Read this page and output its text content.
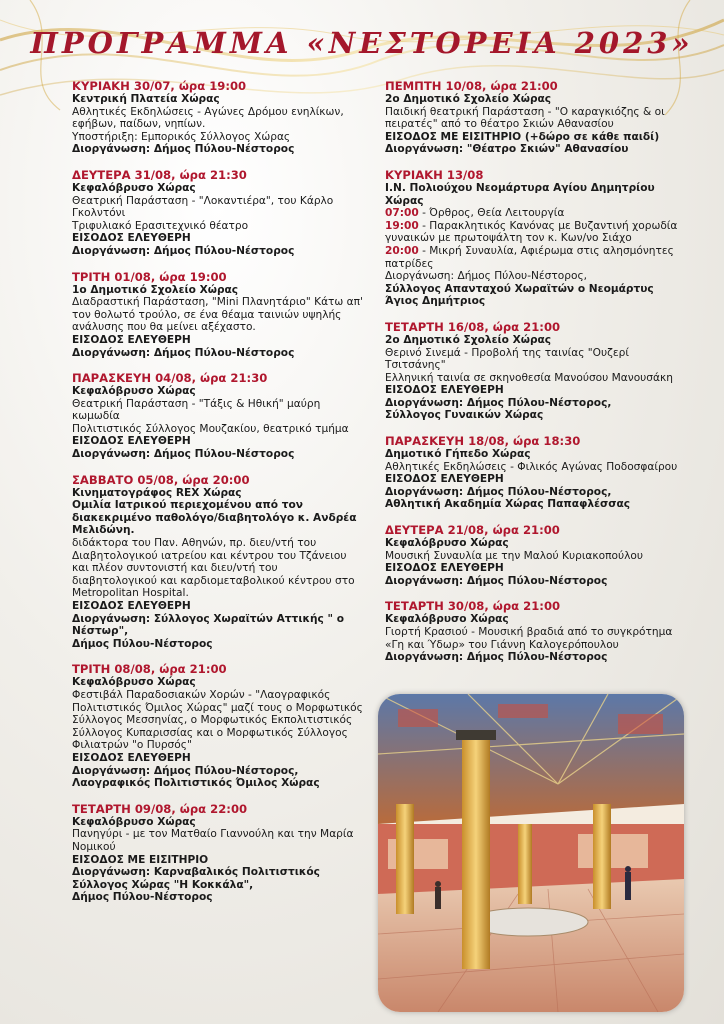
ΠΡΟΓΡΑΜΜΑ «ΝΕΣΤΟΡΕΙΑ 2023»
ΚΥΡΙΑΚΗ 30/07, ώρα 19:00
Κεντρική Πλατεία Χώρας
Αθλητικές Εκδηλώσεις - Αγώνες Δρόμου ενηλίκων, εφήβων, παίδων, νηπίων.
Υποστήριξη: Εμπορικός Σύλλογος Χώρας
Διοργάνωση: Δήμος Πύλου-Νέστορος
ΔΕΥΤΕΡΑ 31/08, ώρα 21:30
Κεφαλόβρυσο Χώρας
Θεατρική Παράσταση - "Λοκαντιέρα", του Κάρλο Γκολντόνι
Τριφυλιακό Ερασιτεχνικό θέατρο
ΕΙΣΟΔΟΣ ΕΛΕΥΘΕΡΗ
Διοργάνωση: Δήμος Πύλου-Νέστορος
ΤΡΙΤΗ 01/08, ώρα 19:00
1ο Δημοτικό Σχολείο Χώρας
Διαδραστική Παράσταση, "Mini Πλανητάριο" Κάτω απ' τον θολωτό τρούλο, σε ένα θέαμα ταινιών υψηλής ανάλυσης που θα μείνει αξέχαστο.
ΕΙΣΟΔΟΣ ΕΛΕΥΘΕΡΗ
Διοργάνωση: Δήμος Πύλου-Νέστορος
ΠΑΡΑΣΚΕΥΗ 04/08, ώρα 21:30
Κεφαλόβρυσο Χώρας
Θεατρική Παράσταση - "Τάξις & Ηθική" μαύρη κωμωδία
Πολιτιστικός Σύλλογος Μουζακίου, θεατρικό τμήμα
ΕΙΣΟΔΟΣ ΕΛΕΥΘΕΡΗ
Διοργάνωση: Δήμος Πύλου-Νέστορος
ΣΑΒΒΑΤΟ 05/08, ώρα 20:00
Κινηματογράφος REX Χώρας
Ομιλία Ιατρικού περιεχομένου από τον διακεκριμένο παθολόγο/διαβητολόγο κ. Ανδρέα Μελιδώνη.
διδάκτορα του Παν. Αθηνών, πρ. διευ/ντή του Διαβητολογικού ιατρείου και κέντρου του Τζάνειου και πλέον συντονιστή και διευ/ντή του διαβητολογικού και καρδιομεταβολικού κέντρου στο Metropolitan Hospital.
ΕΙΣΟΔΟΣ ΕΛΕΥΘΕΡΗ
Διοργάνωση: Σύλλογος Χωραϊτών Αττικής " ο Νέστωρ",
Δήμος Πύλου-Νέστορος
ΤΡΙΤΗ 08/08, ώρα 21:00
Κεφαλόβρυσο Χώρας
Φεστιβάλ Παραδοσιακών Χορών - "Λαογραφικός Πολιτιστικός Όμιλος Χώρας" μαζί τους ο Μορφωτικός Σύλλογος Μεσσηνίας, ο Μορφωτικός Εκπολιτιστικός Σύλλογος Κυπαρισσίας και ο Μορφωτικός Σύλλογος Φιλιατρών "ο Πυρσός"
ΕΙΣΟΔΟΣ ΕΛΕΥΘΕΡΗ
Διοργάνωση: Δήμος Πύλου-Νέστορος,
Λαογραφικός Πολιτιστικός Όμιλος Χώρας
ΤΕΤΑΡΤΗ 09/08, ώρα 22:00
Κεφαλόβρυσο Χώρας
Πανηγύρι - με τον Ματθαίο Γιαννούλη και την Μαρία Νομικού
ΕΙΣΟΔΟΣ ΜΕ ΕΙΣΙΤΗΡΙΟ
Διοργάνωση: Καρναβαλικός Πολιτιστικός Σύλλογος Χώρας "Η Κοκκάλα",
Δήμος Πύλου-Νέστορος
ΠΕΜΠΤΗ 10/08, ώρα 21:00
2ο Δημοτικό Σχολείο Χώρας
Παιδική θεατρική Παράσταση - "Ο καραγκιόζης & οι πειρατές" από το θέατρο Σκιών Αθανασίου
ΕΙΣΟΔΟΣ ΜΕ ΕΙΣΙΤΗΡΙΟ (+δώρο σε κάθε παιδί)
Διοργάνωση: "Θέατρο Σκιών" Αθανασίου
ΚΥΡΙΑΚΗ 13/08
Ι.Ν. Πολιούχου Νεομάρτυρα Αγίου Δημητρίου Χώρας
07:00 - Όρθρος, Θεία Λειτουργία
19:00 - Παρακλητικός Κανόνας με Βυζαντινή χορωδία γυναικών με πρωτοψάλτη τον κ. Κων/νο Σιάχο
20:00 - Μικρή Συναυλία, Αφιέρωμα στις αλησμόνητες πατρίδες
Διοργάνωση: Δήμος Πύλου-Νέστορος,
Σύλλογος Απανταχού Χωραϊτών ο Νεομάρτυς Άγιος Δημήτριος
ΤΕΤΑΡΤΗ 16/08, ώρα 21:00
2ο Δημοτικό Σχολείο Χώρας
Θερινό Σινεμά - Προβολή της ταινίας "Ουζερί Τσιτσάνης"
Ελληνική ταινία σε σκηνοθεσία Μανούσου Μανουσάκη
ΕΙΣΟΔΟΣ ΕΛΕΥΘΕΡΗ
Διοργάνωση: Δήμος Πύλου-Νέστορος,
Σύλλογος Γυναικών Χώρας
ΠΑΡΑΣΚΕΥΗ 18/08, ώρα 18:30
Δημοτικό Γήπεδο Χώρας
Αθλητικές Εκδηλώσεις - Φιλικός Αγώνας Ποδοσφαίρου
ΕΙΣΟΔΟΣ ΕΛΕΥΘΕΡΗ
Διοργάνωση: Δήμος Πύλου-Νέστορος,
Αθλητική Ακαδημία Χώρας Παπαφλέσσας
ΔΕΥΤΕΡΑ 21/08, ώρα 21:00
Κεφαλόβρυσο Χώρας
Μουσική Συναυλία με την Μαλού Κυριακοπούλου
ΕΙΣΟΔΟΣ ΕΛΕΥΘΕΡΗ
Διοργάνωση: Δήμος Πύλου-Νέστορος
ΤΕΤΑΡΤΗ 30/08, ώρα 21:00
Κεφαλόβρυσο Χώρας
Γιορτή Κρασιού - Μουσική βραδιά από το συγκρότημα «Γη και Ύδωρ» του Γιάννη Καλογερόπουλου
Διοργάνωση: Δήμος Πύλου-Νέστορος
